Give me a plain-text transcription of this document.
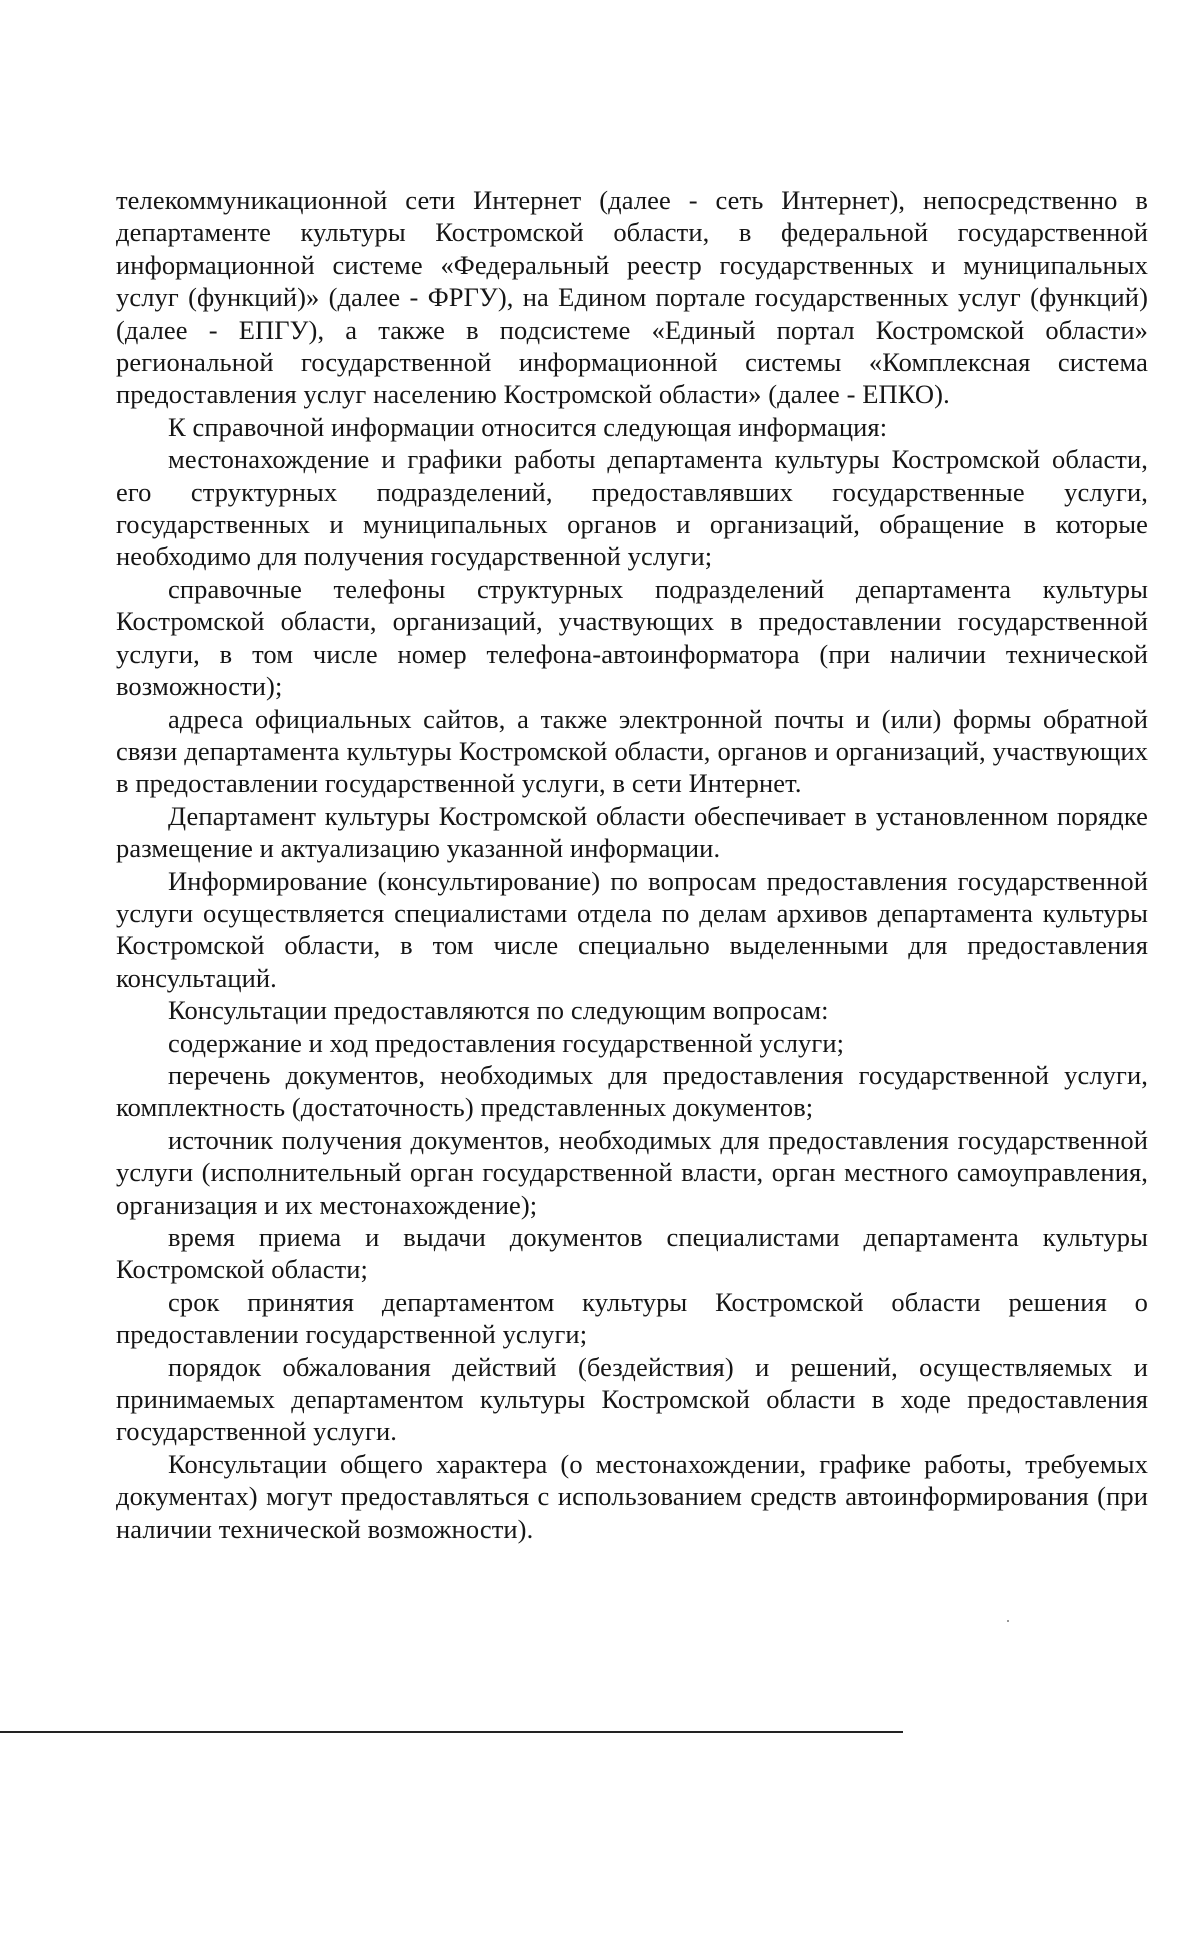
телекоммуникационной сети Интернет (далее - сеть Интернет), непосредственно в департаменте культуры Костромской области, в федеральной государственной информационной системе «Федеральный реестр государственных и муниципальных услуг (функций)» (далее - ФРГУ), на Едином портале государственных услуг (функций) (далее - ЕПГУ), а также в подсистеме «Единый портал Костромской области» региональной государственной информационной системы «Комплексная система предоставления услуг населению Костромской области» (далее - ЕПКО).

К справочной информации относится следующая информация:

местонахождение и графики работы департамента культуры Костромской области, его структурных подразделений, предоставлявших государственные услуги, государственных и муниципальных органов и организаций, обращение в которые необходимо для получения государственной услуги;

справочные телефоны структурных подразделений департамента культуры Костромской области, организаций, участвующих в предоставлении государственной услуги, в том числе номер телефона-автоинформатора (при наличии технической возможности);

адреса официальных сайтов, а также электронной почты и (или) формы обратной связи департамента культуры Костромской области, органов и организаций, участвующих в предоставлении государственной услуги, в сети Интернет.

Департамент культуры Костромской области обеспечивает в установленном порядке размещение и актуализацию указанной информации.

Информирование (консультирование) по вопросам предоставления государственной услуги осуществляется специалистами отдела по делам архивов департамента культуры Костромской области, в том числе специально выделенными для предоставления консультаций.

Консультации предоставляются по следующим вопросам:

содержание и ход предоставления государственной услуги;

перечень документов, необходимых для предоставления государственной услуги, комплектность (достаточность) представленных документов;

источник получения документов, необходимых для предоставления государственной услуги (исполнительный орган государственной власти, орган местного самоуправления, организация и их местонахождение);

время приема и выдачи документов специалистами департамента культуры Костромской области;

срок принятия департаментом культуры Костромской области решения о предоставлении государственной услуги;

порядок обжалования действий (бездействия) и решений, осуществляемых и принимаемых департаментом культуры Костромской области в ходе предоставления государственной услуги.

Консультации общего характера (о местонахождении, графике работы, требуемых документах) могут предоставляться с использованием средств автоинформирования (при наличии технической возможности).
